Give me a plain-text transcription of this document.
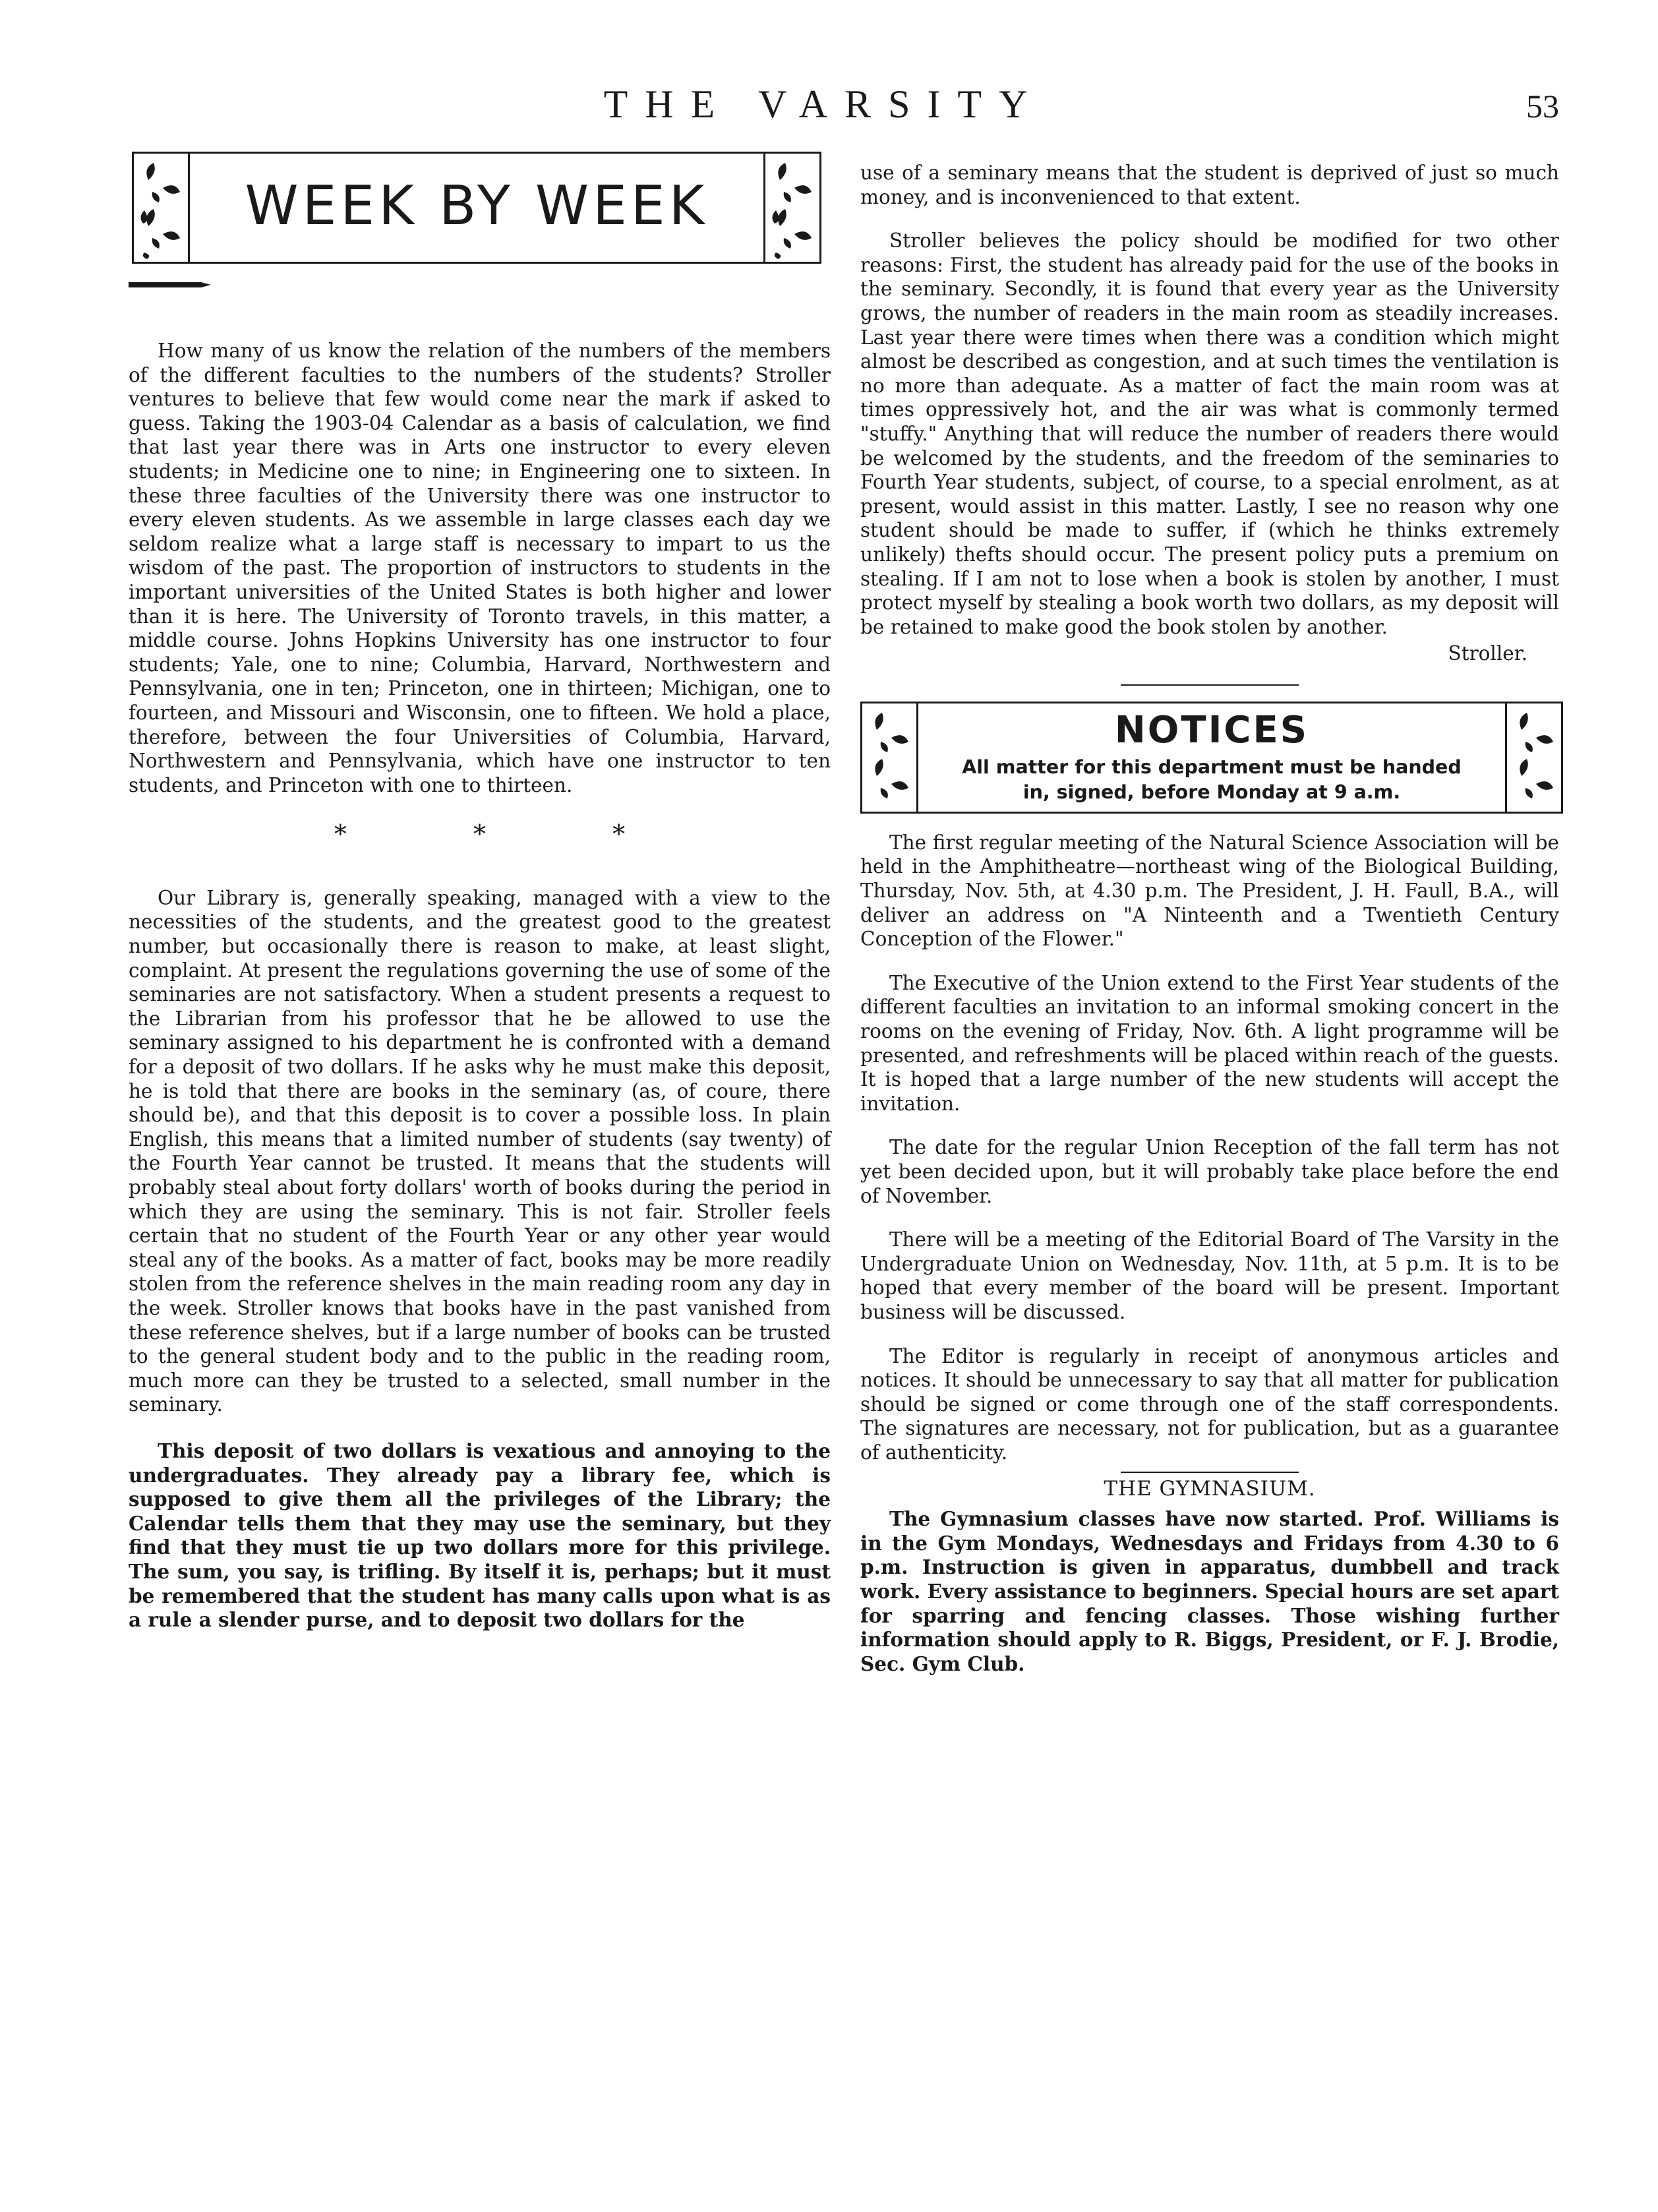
THE VARSITY	53
WEEK BY WEEK

How many of us know the relation of the numbers of the members of the different faculties to the numbers of the students? Stroller ventures to believe that few would come near the mark if asked to guess. Taking the 1903-04 Calendar as a basis of calculation, we find that last year there was in Arts one instructor to every eleven students; in Medicine one to nine; in Engineering one to sixteen. In these three faculties of the University there was one instructor to every eleven students. As we assemble in large classes each day we seldom realize what a large staff is necessary to impart to us the wisdom of the past. The proportion of instructors to students in the important universities of the United States is both higher and lower than it is here. The University of Toronto travels, in this matter, a middle course. Johns Hopkins University has one instructor to four students; Yale, one to nine; Columbia, Harvard, Northwestern and Pennsylvania, one in ten; Princeton, one in thirteen; Michigan, one to fourteen, and Missouri and Wisconsin, one to fifteen. We hold a place, therefore, between the four Universities of Columbia, Harvard, Northwestern and Pennsylvania, which have one instructor to ten students, and Princeton with one to thirteen.

* * *

Our Library is, generally speaking, managed with a view to the necessities of the students, and the greatest good to the greatest number, but occasionally there is reason to make, at least slight, complaint. At present the regulations governing the use of some of the seminaries are not satisfactory. When a student presents a request to the Librarian from his professor that he be allowed to use the seminary assigned to his department he is confronted with a demand for a deposit of two dollars. If he asks why he must make this deposit, he is told that there are books in the seminary (as, of coure, there should be), and that this deposit is to cover a possible loss. In plain English, this means that a limited number of students (say twenty) of the Fourth Year cannot be trusted. It means that the students will probably steal about forty dollars' worth of books during the period in which they are using the seminary. This is not fair. Stroller feels certain that no student of the Fourth Year or any other year would steal any of the books. As a matter of fact, books may be more readily stolen from the reference shelves in the main reading room any day in the week. Stroller knows that books have in the past vanished from these reference shelves, but if a large number of books can be trusted to the general student body and to the public in the reading room, much more can they be trusted to a selected, small number in the seminary.

This deposit of two dollars is vexatious and annoying to the undergraduates. They already pay a library fee, which is supposed to give them all the privileges of the Library; the Calendar tells them that they may use the seminary, but they find that they must tie up two dollars more for this privilege. The sum, you say, is trifling. By itself it is, perhaps; but it must be remembered that the student has many calls upon what is as a rule a slender purse, and to deposit two dollars for the

use of a seminary means that the student is deprived of just so much money, and is inconvenienced to that extent.

Stroller believes the policy should be modified for two other reasons: First, the student has already paid for the use of the books in the seminary. Secondly, it is found that every year as the University grows, the number of readers in the main room as steadily increases. Last year there were times when there was a condition which might almost be described as congestion, and at such times the ventilation is no more than adequate. As a matter of fact the main room was at times oppressively hot, and the air was what is commonly termed "stuffy." Anything that will reduce the number of readers there would be welcomed by the students, and the freedom of the seminaries to Fourth Year students, subject, of course, to a special enrolment, as at present, would assist in this matter. Lastly, I see no reason why one student should be made to suffer, if (which he thinks extremely unlikely) thefts should occur. The present policy puts a premium on stealing. If I am not to lose when a book is stolen by another, I must protect myself by stealing a book worth two dollars, as my deposit will be retained to make good the book stolen by another.

Stroller.
NOTICES
All matter for this department must be handed
in, signed, before Monday at 9 a.m.

The first regular meeting of the Natural Science Association will be held in the Amphitheatre—northeast wing of the Biological Building, Thursday, Nov. 5th, at 4.30 p.m. The President, J. H. Faull, B.A., will deliver an address on "A Ninteenth and a Twentieth Century Conception of the Flower."

The Executive of the Union extend to the First Year students of the different faculties an invitation to an informal smoking concert in the rooms on the evening of Friday, Nov. 6th. A light programme will be presented, and refreshments will be placed within reach of the guests. It is hoped that a large number of the new students will accept the invitation.

The date for the regular Union Reception of the fall term has not yet been decided upon, but it will probably take place before the end of November.

There will be a meeting of the Editorial Board of The Varsity in the Undergraduate Union on Wednesday, Nov. 11th, at 5 p.m. It is to be hoped that every member of the board will be present. Important business will be discussed.

The Editor is regularly in receipt of anonymous articles and notices. It should be unnecessary to say that all matter for publication should be signed or come through one of the staff correspondents. The signatures are necessary, not for publication, but as a guarantee of authenticity.

THE GYMNASIUM.

The Gymnasium classes have now started. Prof. Williams is in the Gym Mondays, Wednesdays and Fridays from 4.30 to 6 p.m. Instruction is given in apparatus, dumbbell and track work. Every assistance to beginners. Special hours are set apart for sparring and fencing classes. Those wishing further information should apply to R. Biggs, President, or F. J. Brodie, Sec. Gym Club.
